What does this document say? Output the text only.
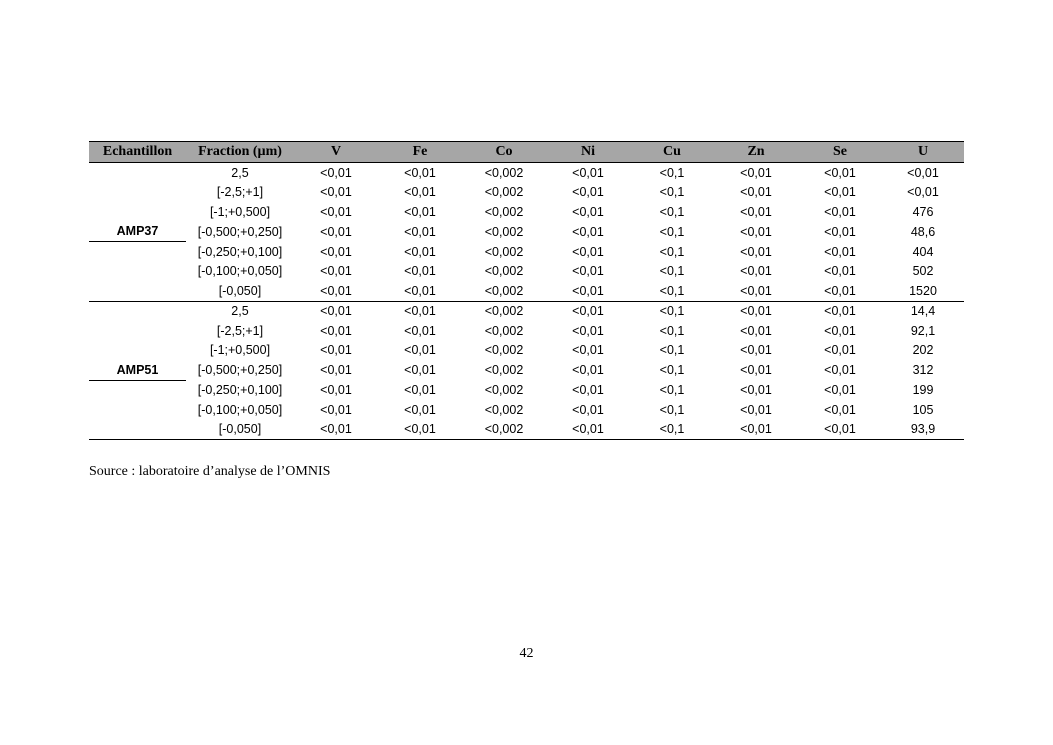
Echantillon	Fraction (µm)	V	Fe	Co	Ni	Cu	Zn	Se	U
	2,5	<0,01	<0,01	<0,002	<0,01	<0,1	<0,01	<0,01	<0,01
	[-2,5;+1]	<0,01	<0,01	<0,002	<0,01	<0,1	<0,01	<0,01	<0,01
	[-1;+0,500]	<0,01	<0,01	<0,002	<0,01	<0,1	<0,01	<0,01	476
AMP37	[-0,500;+0,250]	<0,01	<0,01	<0,002	<0,01	<0,1	<0,01	<0,01	48,6
	[-0,250;+0,100]	<0,01	<0,01	<0,002	<0,01	<0,1	<0,01	<0,01	404
	[-0,100;+0,050]	<0,01	<0,01	<0,002	<0,01	<0,1	<0,01	<0,01	502
	[-0,050]	<0,01	<0,01	<0,002	<0,01	<0,1	<0,01	<0,01	1520
	2,5	<0,01	<0,01	<0,002	<0,01	<0,1	<0,01	<0,01	14,4
	[-2,5;+1]	<0,01	<0,01	<0,002	<0,01	<0,1	<0,01	<0,01	92,1
	[-1;+0,500]	<0,01	<0,01	<0,002	<0,01	<0,1	<0,01	<0,01	202
AMP51	[-0,500;+0,250]	<0,01	<0,01	<0,002	<0,01	<0,1	<0,01	<0,01	312
	[-0,250;+0,100]	<0,01	<0,01	<0,002	<0,01	<0,1	<0,01	<0,01	199
	[-0,100;+0,050]	<0,01	<0,01	<0,002	<0,01	<0,1	<0,01	<0,01	105
	[-0,050]	<0,01	<0,01	<0,002	<0,01	<0,1	<0,01	<0,01	93,9
Source : laboratoire d’analyse de l’OMNIS
42
